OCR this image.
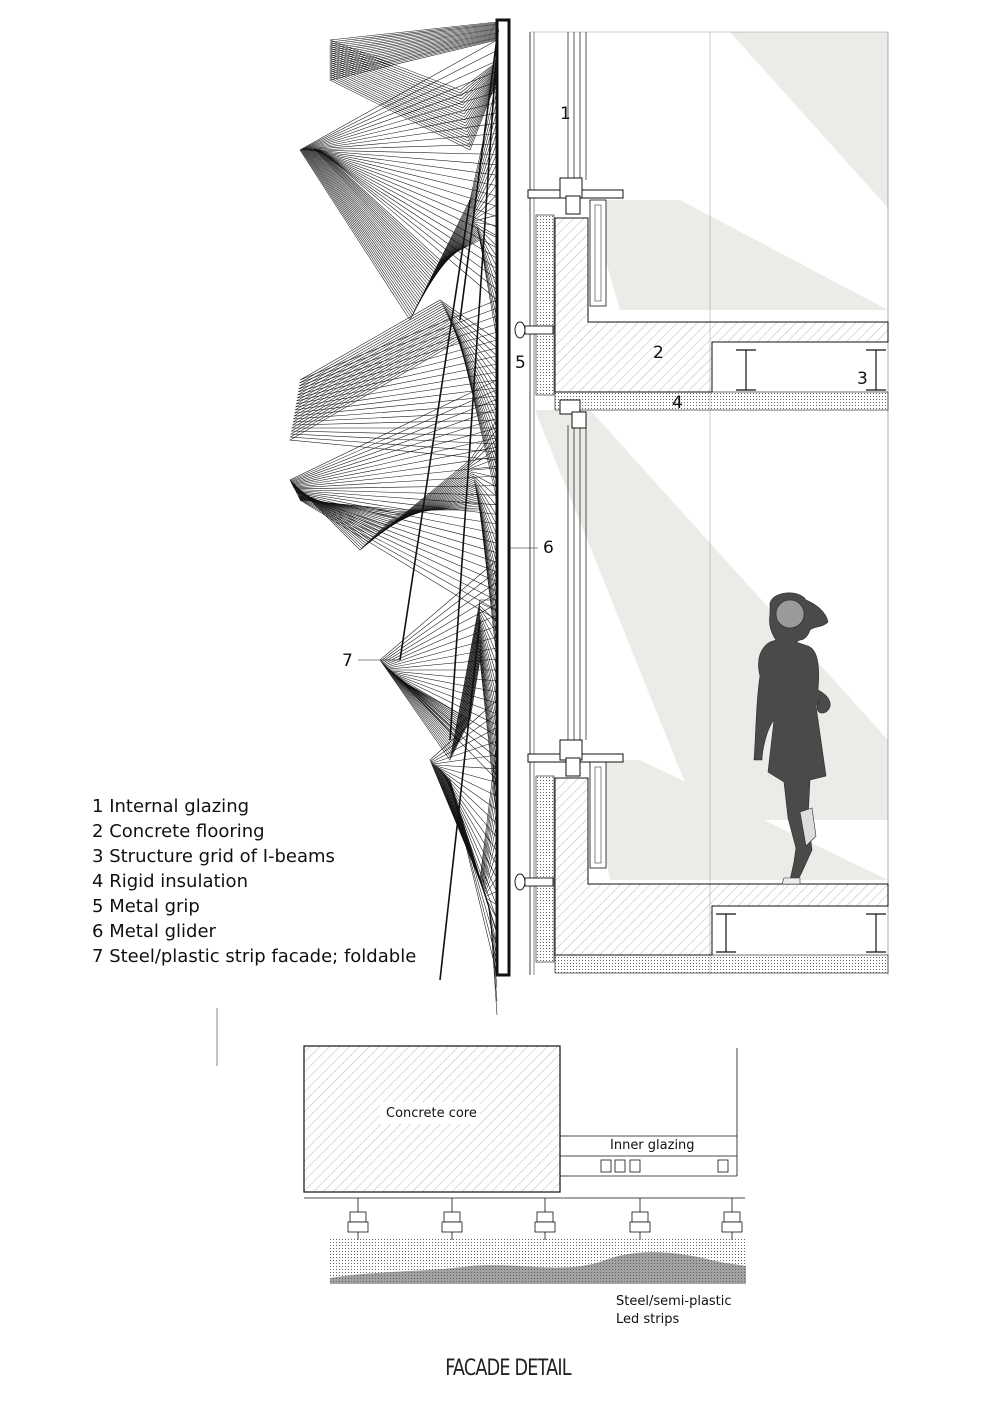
1
2
3
4
5
6
7
Concrete core
Inner glazing
Steel/semi-plastic
Led strips
1 Internal glazing
2 Concrete flooring
3 Structure grid of I-beams
4 Rigid insulation
5 Metal grip
6 Metal glider
7 Steel/plastic strip facade; foldable
FACADE DETAIL
